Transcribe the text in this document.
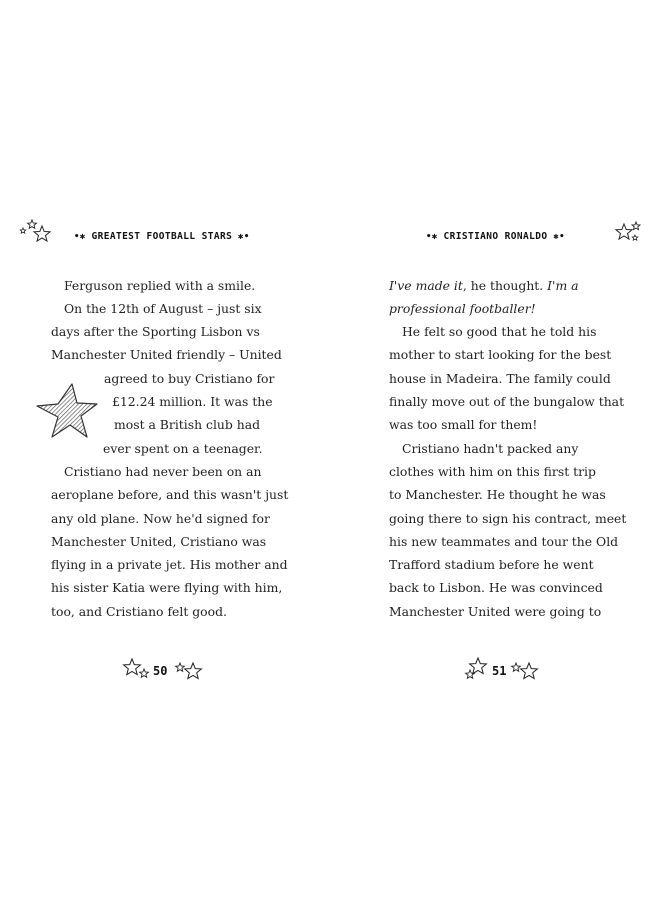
•✱ GREATEST FOOTBALL STARS ✱•
Ferguson replied with a smile.
On the 12th of August – just six
days after the Sporting Lisbon vs
Manchester United friendly – United
agreed to buy Cristiano for
£12.24 million. It was the
most a British club had
ever spent on a teenager.
Cristiano had never been on an
aeroplane before, and this wasn't just
any old plane. Now he'd signed for
Manchester United, Cristiano was
flying in a private jet. His mother and
his sister Katia were flying with him,
too, and Cristiano felt good.
50
•✱ CRISTIANO RONALDO ✱•
I've made it, he thought. I'm a
professional footballer!
He felt so good that he told his
mother to start looking for the best
house in Madeira. The family could
finally move out of the bungalow that
was too small for them!
Cristiano hadn't packed any
clothes with him on this first trip
to Manchester. He thought he was
going there to sign his contract, meet
his new teammates and tour the Old
Trafford stadium before he went
back to Lisbon. He was convinced
Manchester United were going to
51
